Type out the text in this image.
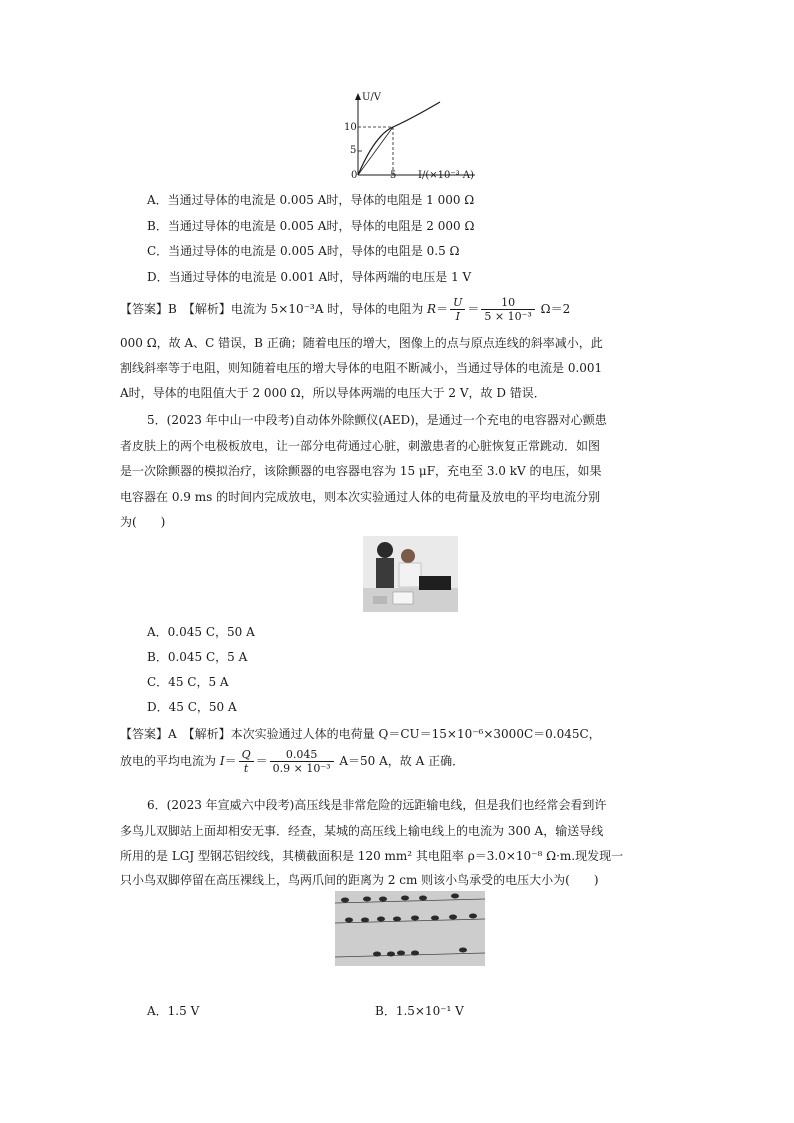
U/V
10
5
0	5 I/(×10⁻³ A)
A．当通过导体的电流是 0.005 A时，导体的电阻是 1 000 Ω
B．当通过导体的电流是 0.005 A时，导体的电阻是 2 000 Ω
C．当通过导体的电流是 0.005 A时，导体的电阻是 0.5 Ω
D．当通过导体的电流是 0.001 A时，导体两端的电压是 1 V
【答案】B　【解析】电流为 5×10⁻³A 时，导体的电阻为 $R= \frac{U}{I} = \frac{10}{\text{5 × 10⁻³}} \Omega=2$
000 Ω，故 A、C 错误，B 正确；随着电压的增大，图像上的点与原点连线的斜率减小，此
割线斜率等于电阻，则知随着电压的增大导体的电阻不断减小，当通过导体的电流是 0.001
A时，导体的电阻值大于 2 000 Ω，所以导体两端的电压大于 2 V，故 D 错误．
5．(2023 年中山一中段考)自动体外除颤仪(AED)，是通过一个充电的电容器对心颤患
者皮肤上的两个电极板放电，让一部分电荷通过心脏，刺激患者的心脏恢复正常跳动．如图
是一次除颤器的模拟治疗，该除颤器的电容器电容为 15 μF，充电至 3.0 kV 的电压，如果
电容器在 0.9 ms 的时间内完成放电，则本次实验通过人体的电荷量及放电的平均电流分别
为(　　)
A．0.045 C，50 A
B．0.045 C，5 A
C．45 C，5 A
D．45 C，50 A
【答案】A　【解析】本次实验通过人体的电荷量 Q＝CU＝15×10⁻⁶×3000C＝0.045C，
放电的平均电流为 $I= \frac{Q}{t} = \frac{0.045}{\text{0.9 × 10⁻³}} A=50$ A，故 A 正确．
6．(2023 年宣威六中段考)高压线是非常危险的远距输电线，但是我们也经常会看到许
多鸟儿双脚站上面却相安无事．经查，某城的高压线上输电线上的电流为 300 A，输送导线
所用的是 LGJ 型钢芯铝绞线，其横截面积是 120 mm² 其电阻率 ρ＝3.0×10⁻⁸ Ω·m.现发现一
只小鸟双脚停留在高压裸线上，鸟两爪间的距离为 2 cm 则该小鸟承受的电压大小为(　　)
A．1.5 V	B．1.5×10⁻¹ V
